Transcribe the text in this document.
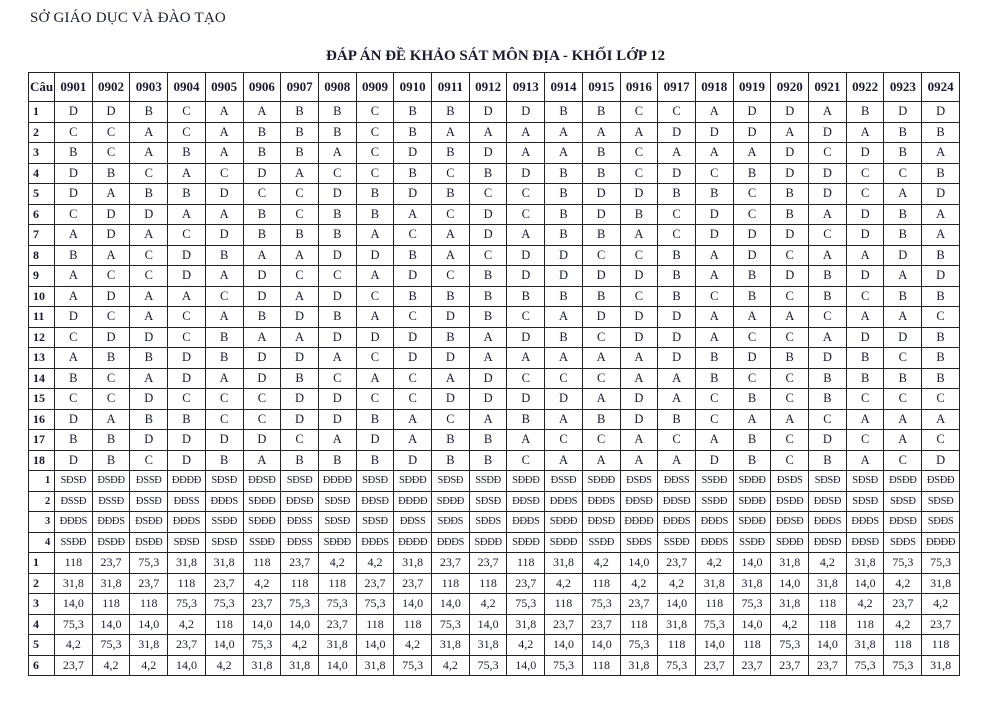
SỞ GIÁO DỤC VÀ ĐÀO TẠO
ĐÁP ÁN ĐỀ KHẢO SÁT MÔN ĐỊA - KHỐI LỚP 12
Câu	0901	0902	0903	0904	0905	0906	0907	0908	0909	0910	0911	0912	0913	0914	0915	0916	0917	0918	0919	0920	0921	0922	0923	0924
1	D	D	B	C	A	A	B	B	C	B	B	D	D	B	B	C	C	A	D	D	A	B	D	D
2	C	C	A	C	A	B	B	B	C	B	A	A	A	A	A	A	D	D	D	A	D	A	B	B
3	B	C	A	B	A	B	B	A	C	D	B	D	A	A	B	C	A	A	A	D	C	D	B	A
4	D	B	C	A	C	D	A	C	C	B	C	B	D	B	B	C	D	C	B	D	D	C	C	B
5	D	A	B	B	D	C	C	D	B	D	B	C	C	B	D	D	B	B	C	B	D	C	A	D
6	C	D	D	A	A	B	C	B	B	A	C	D	C	B	D	B	C	D	C	B	A	D	B	A
7	A	D	A	C	D	B	B	B	A	C	A	D	A	B	B	A	C	D	D	D	C	D	B	A
8	B	A	C	D	B	A	A	D	D	B	A	C	D	D	C	C	B	A	D	C	A	A	D	B
9	A	C	C	D	A	D	C	C	A	D	C	B	D	D	D	D	B	A	B	D	B	D	A	D
10	A	D	A	A	C	D	A	D	C	B	B	B	B	B	B	C	B	C	B	C	B	C	B	B
11	D	C	A	C	A	B	D	B	A	C	D	B	C	A	D	D	D	A	A	A	C	A	A	C
12	C	D	D	C	B	A	A	D	D	D	B	A	D	B	C	D	D	A	C	C	A	D	D	B
13	A	B	B	D	B	D	D	A	C	D	D	A	A	A	A	A	D	B	D	B	D	B	C	B
14	B	C	A	D	A	D	B	C	A	C	A	D	C	C	C	A	A	B	C	C	B	B	B	B
15	C	C	D	C	C	C	D	D	C	C	D	D	D	D	A	D	A	C	B	C	B	C	C	C
16	D	A	B	B	C	C	D	D	B	A	C	A	B	A	B	D	B	C	A	A	C	A	A	A
17	B	B	D	D	D	D	C	A	D	A	B	B	A	C	C	A	C	A	B	C	D	C	A	C
18	D	B	C	D	B	A	B	B	B	D	B	B	C	A	A	A	A	D	B	C	B	A	C	D
1	SĐSĐ	ĐSĐĐ	ĐSSĐ	ĐĐĐĐ	SĐSĐ	ĐĐSĐ	SĐSĐ	ĐĐĐĐ	SĐSĐ	SĐĐĐ	SĐSĐ	SSĐĐ	SĐĐĐ	ĐSSĐ	SĐĐĐ	ĐSĐS	ĐĐSS	SSĐĐ	SĐĐĐ	ĐSĐS	SĐSĐ	SĐSĐ	ĐSĐĐ	ĐSĐĐ
2	ĐSSĐ	ĐSSĐ	ĐSSĐ	ĐĐSS	ĐĐĐS	SĐĐĐ	ĐĐSĐ	SĐSĐ	ĐĐSĐ	ĐĐĐĐ	SĐĐĐ	SĐSĐ	ĐĐSĐ	ĐĐĐS	ĐĐĐS	ĐĐSĐ	ĐĐSĐ	SSĐĐ	SĐĐĐ	ĐSĐĐ	ĐĐSĐ	SĐSĐ	SĐSĐ	SĐSĐ
3	ĐĐĐS	ĐĐĐS	ĐSĐĐ	ĐĐĐS	SSĐĐ	SĐĐĐ	ĐĐSS	SĐSĐ	SĐSĐ	ĐĐSS	SĐĐS	SĐĐS	ĐĐĐS	SĐĐĐ	ĐĐSĐ	ĐĐĐĐ	ĐĐĐS	ĐĐĐS	SĐĐĐ	ĐĐSĐ	ĐĐĐS	ĐĐĐS	ĐĐSĐ	SĐĐS
4	SSĐĐ	ĐSĐĐ	ĐSĐĐ	SĐSĐ	SĐSĐ	SSĐĐ	ĐĐSS	SĐĐĐ	ĐĐĐS	ĐĐĐĐ	ĐĐĐS	SĐĐĐ	SĐĐĐ	SĐĐĐ	SSĐĐ	SĐĐS	SSĐĐ	ĐĐĐS	SSĐĐ	SĐĐĐ	ĐĐSĐ	ĐĐSĐ	SĐĐS	ĐĐĐĐ
1	118	23,7	75,3	31,8	31,8	118	23,7	4,2	4,2	31,8	23,7	23,7	118	31,8	4,2	14,0	23,7	4,2	14,0	31,8	4,2	31,8	75,3	75,3
2	31,8	31,8	23,7	118	23,7	4,2	118	118	23,7	23,7	118	118	23,7	4,2	118	4,2	4,2	31,8	31,8	14,0	31,8	14,0	4,2	31,8
3	14,0	118	118	75,3	75,3	23,7	75,3	75,3	75,3	14,0	14,0	4,2	75,3	118	75,3	23,7	14,0	118	75,3	31,8	118	4,2	23,7	4,2
4	75,3	14,0	14,0	4,2	118	14,0	14,0	23,7	118	118	75,3	14,0	31,8	23,7	23,7	118	31,8	75,3	14,0	4,2	118	118	4,2	23,7
5	4,2	75,3	31,8	23,7	14,0	75,3	4,2	31,8	14,0	4,2	31,8	31,8	4,2	14,0	14,0	75,3	118	14,0	118	75,3	14,0	31,8	118	118
6	23,7	4,2	4,2	14,0	4,2	31,8	31,8	14,0	31,8	75,3	4,2	75,3	14,0	75,3	118	31,8	75,3	23,7	23,7	23,7	23,7	75,3	75,3	31,8
